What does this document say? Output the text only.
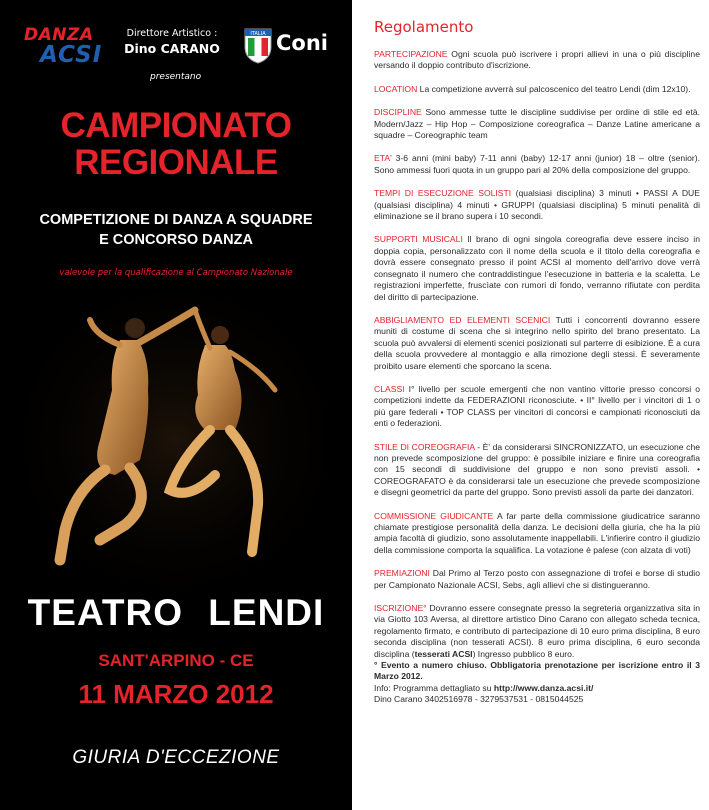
DANZA
ACSI
Direttore Artistico :
Dino CARANO
presentano
ITALIA Coni
CAMPIONATO
REGIONALE
COMPETIZIONE DI DANZA A SQUADRE
E CONCORSO DANZA
valevole per la qualificazione al Campionato Nazionale
TEATRO LENDI
SANT'ARPINO - CE
11 MARZO 2012
GIURIA D'ECCEZIONE
Regolamento
PARTECIPAZIONE Ogni scuola può iscrivere i propri allievi in una o più discipline versando il doppio contributo d'iscrizione.
LOCATION La competizione avverrà sul palcoscenico del teatro Lendi (dim 12x10).
DISCIPLINE Sono ammesse tutte le discipline suddivise per ordine di stile ed età. Modern/Jazz – Hip Hop – Composizione coreografica – Danze Latine americane a squadre – Coreographic team
ETA' 3-6 anni (mini baby) 7-11 anni (baby) 12-17 anni (junior) 18 – oltre (senior). Sono ammessi fuori quota in un gruppo pari al 20% della composizione del gruppo.
TEMPI DI ESECUZIONE SOLISTI (qualsiasi disciplina) 3 minuti • PASSI A DUE (qualsiasi disciplina) 4 minuti • GRUPPI (qualsiasi disciplina) 5 minuti penalità di eliminazione se il brano supera i 10 secondi.
SUPPORTI MUSICALI Il brano di ogni singola coreografia deve essere inciso in doppia copia, personalizzato con il nome della scuola e il titolo della coreografia e dovrà essere consegnato presso il point ACSI al momento dell'arrivo dove verrà consegnato il numero che contraddistingue l'esecuzione in batteria e la scaletta. Le registrazioni imperfette, fruscìate con rumori di fondo, verranno rifiutate con perdita del diritto di partecipazione.
ABBIGLIAMENTO ED ELEMENTI SCENICI Tutti i concorrenti dovranno essere muniti di costume di scena che si integrino nello spirito del brano presentato. La scuola può avvalersi di elementi scenici posizionati sul parterre di esibizione. È a cura della scuola provvedere al montaggio e alla rimozione degli stessi. È severamente proibito usare elementi che sporcano la scena.
CLASSI I° livello per scuole emergenti che non vantino vittorie presso concorsi o competizioni indette da FEDERAZIONI riconosciute. • II° livello per i vincitori di 1 o più gare federali • TOP CLASS per vincitori di concorsi e campionati riconosciuti da enti o federazioni.
STILE DI COREOGRAFIA - È' da considerarsi SINCRONIZZATO, un esecuzione che non prevede scomposizione del gruppo: è possibile iniziare e finire una coreografia con 15 secondi di suddivisione del gruppo e non sono previsti assoli. • COREOGRAFATO è da considerarsi tale un esecuzione che prevede scomposizione e disegni geometrici da parte del gruppo. Sono previsti assoli da parte dei danzatori.
COMMISSIONE GIUDICANTE A far parte della commissione giudicatrice saranno chiamate prestigiose personalità della danza. Le decisioni della giuria, che ha la più ampia facoltà di giudizio, sono assolutamente inappellabili. L'infierire contro il giudizio della commissione comporta la squalifica. La votazione è palese (con alzata di voti)
PREMIAZIONI Dal Primo al Terzo posto con assegnazione di trofei e borse di studio per Campionato Nazionale ACSI, Sebs, agli allievi che si distingueranno.
ISCRIZIONE° Dovranno essere consegnate presso la segreteria organizzativa sita in via Giotto 103 Aversa, al direttore artistico Dino Carano con allegato scheda tecnica, regolamento firmato, e contributo di partecipazione di 10 euro prima disciplina, 8 euro seconda disciplina (non tesserati ACSI). 8 euro prima disciplina, 6 euro seconda disciplina (tesserati ACSI) Ingresso pubblico 8 euro.
° Evento a numero chiuso. Obbligatoria prenotazione per iscrizione entro il 3 Marzo 2012.
Info: Programma dettagliato su http://www.danza.acsi.it/
Dino Carano 3402516978 - 3279537531 - 0815044525
